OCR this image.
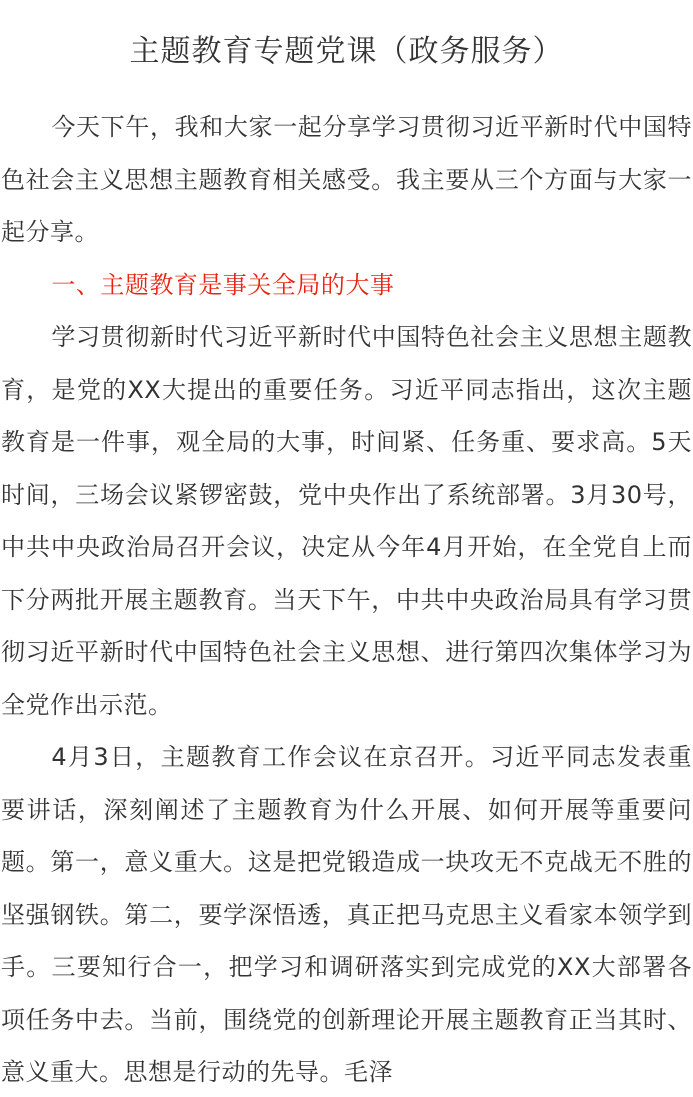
主题教育专题党课（政务服务）

今天下午，我和大家一起分享学习贯彻习近平新时代中国特色社会主义思想主题教育相关感受。我主要从三个方面与大家一起分享。

一、主题教育是事关全局的大事

学习贯彻新时代习近平新时代中国特色社会主义思想主题教育，是党的XX大提出的重要任务。习近平同志指出，这次主题教育是一件事，观全局的大事，时间紧、任务重、要求高。5天时间，三场会议紧锣密鼓，党中央作出了系统部署。3月30号，中共中央政治局召开会议，决定从今年4月开始，在全党自上而下分两批开展主题教育。当天下午，中共中央政治局具有学习贯彻习近平新时代中国特色社会主义思想、进行第四次集体学习为全党作出示范。

4月3日，主题教育工作会议在京召开。习近平同志发表重要讲话，深刻阐述了主题教育为什么开展、如何开展等重要问题。第一，意义重大。这是把党锻造成一块攻无不克战无不胜的坚强钢铁。第二，要学深悟透，真正把马克思主义看家本领学到手。三要知行合一，把学习和调研落实到完成党的XX大部署各项任务中去。当前，围绕党的创新理论开展主题教育正当其时、意义重大。思想是行动的先导。毛泽
